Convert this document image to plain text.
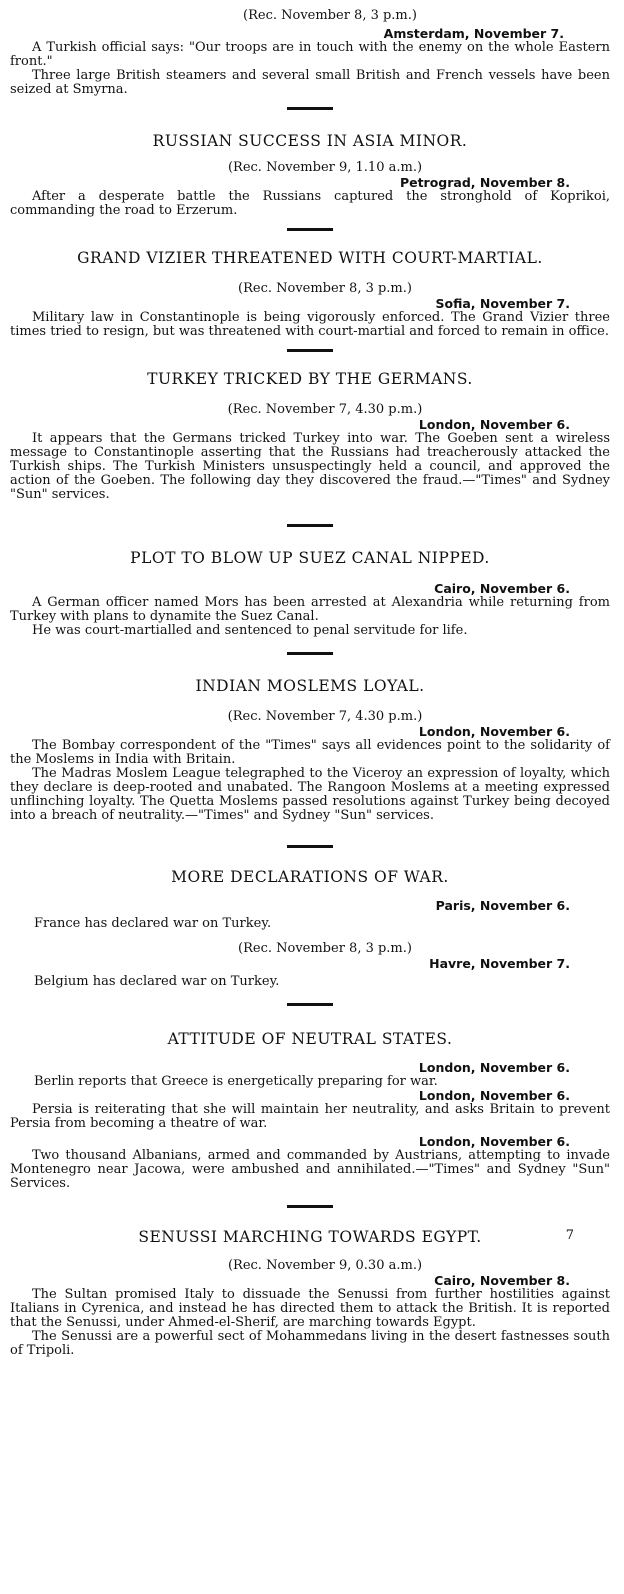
(Rec. November 8, 3 p.m.)

Amsterdam, November 7.

A Turkish official says: "Our troops are in touch with the enemy on the whole Eastern front."

Three large British steamers and several small British and French vessels have been seized at Smyrna.

RUSSIAN SUCCESS IN ASIA MINOR.

(Rec. November 9, 1.10 a.m.)

Petrograd, November 8.

After a desperate battle the Russians captured the stronghold of Koprikoi, commanding the road to Erzerum.

GRAND VIZIER THREATENED WITH COURT-MARTIAL.

(Rec. November 8, 3 p.m.)

Sofia, November 7.

Military law in Constantinople is being vigorously enforced. The Grand Vizier three times tried to resign, but was threatened with court-martial and forced to remain in office.

TURKEY TRICKED BY THE GERMANS.

(Rec. November 7, 4.30 p.m.)

London, November 6.

It appears that the Germans tricked Turkey into war. The Goeben sent a wireless message to Constantinople asserting that the Russians had treacherously attacked the Turkish ships. The Turkish Ministers unsuspectingly held a council, and approved the action of the Goeben. The following day they discovered the fraud.—"Times" and Sydney "Sun" services.

PLOT TO BLOW UP SUEZ CANAL NIPPED.

Cairo, November 6.

A German officer named Mors has been arrested at Alexandria while returning from Turkey with plans to dynamite the Suez Canal.

He was court-martialled and sentenced to penal servitude for life.

INDIAN MOSLEMS LOYAL.

(Rec. November 7, 4.30 p.m.)

London, November 6.

The Bombay correspondent of the "Times" says all evidences point to the solidarity of the Moslems in India with Britain.

The Madras Moslem League telegraphed to the Viceroy an expression of loyalty, which they declare is deep-rooted and unabated. The Rangoon Moslems at a meeting expressed unflinching loyalty. The Quetta Moslems passed resolutions against Turkey being decoyed into a breach of neutrality.—"Times" and Sydney "Sun" services.

MORE DECLARATIONS OF WAR.

Paris, November 6.

France has declared war on Turkey.

(Rec. November 8, 3 p.m.)

Havre, November 7.

Belgium has declared war on Turkey.

ATTITUDE OF NEUTRAL STATES.

London, November 6.

Berlin reports that Greece is energetically preparing for war.

London, November 6.

Persia is reiterating that she will maintain her neutrality, and asks Britain to prevent Persia from becoming a theatre of war.

London, November 6.

Two thousand Albanians, armed and commanded by Austrians, attempting to invade Montenegro near Jacowa, were ambushed and annihilated.—"Times" and Sydney "Sun" Services.

SENUSSI MARCHING TOWARDS EGYPT.	7

(Rec. November 9, 0.30 a.m.)

Cairo, November 8.

The Sultan promised Italy to dissuade the Senussi from further hostilities against Italians in Cyrenica, and instead he has directed them to attack the British. It is reported that the Senussi, under Ahmed-el-Sherif, are marching towards Egypt.

The Senussi are a powerful sect of Mohammedans living in the desert fastnesses south of Tripoli.
